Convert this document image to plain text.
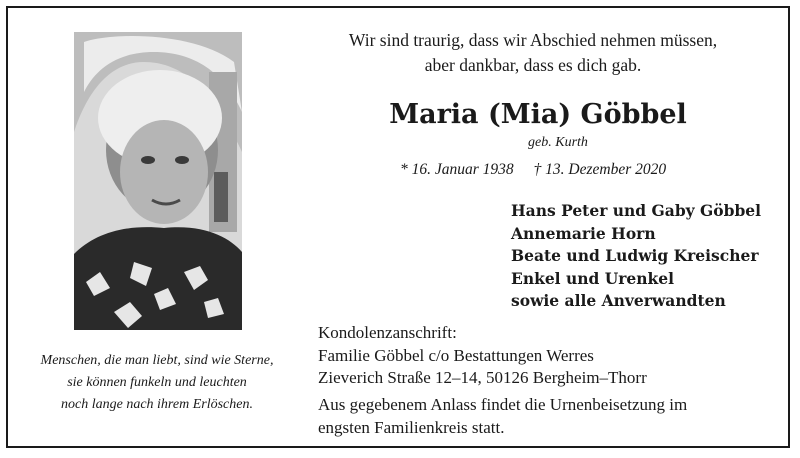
Menschen, die man liebt, sind wie Sterne,
sie können funkeln und leuchten
noch lange nach ihrem Erlöschen.
Wir sind traurig, dass wir Abschied nehmen müssen,
aber dankbar, dass es dich gab.
Maria (Mia) Göbbel
geb. Kurth
* 16. Januar 1938 † 13. Dezember 2020
Hans Peter und Gaby Göbbel
Annemarie Horn
Beate und Ludwig Kreischer
Enkel und Urenkel
sowie alle Anverwandten
Kondolenzanschrift:
Familie Göbbel c/o Bestattungen Werres
Zieverich Straße 12–14, 50126 Bergheim–Thorr
Aus gegebenem Anlass findet die Urnenbeisetzung im
engsten Familienkreis statt.
